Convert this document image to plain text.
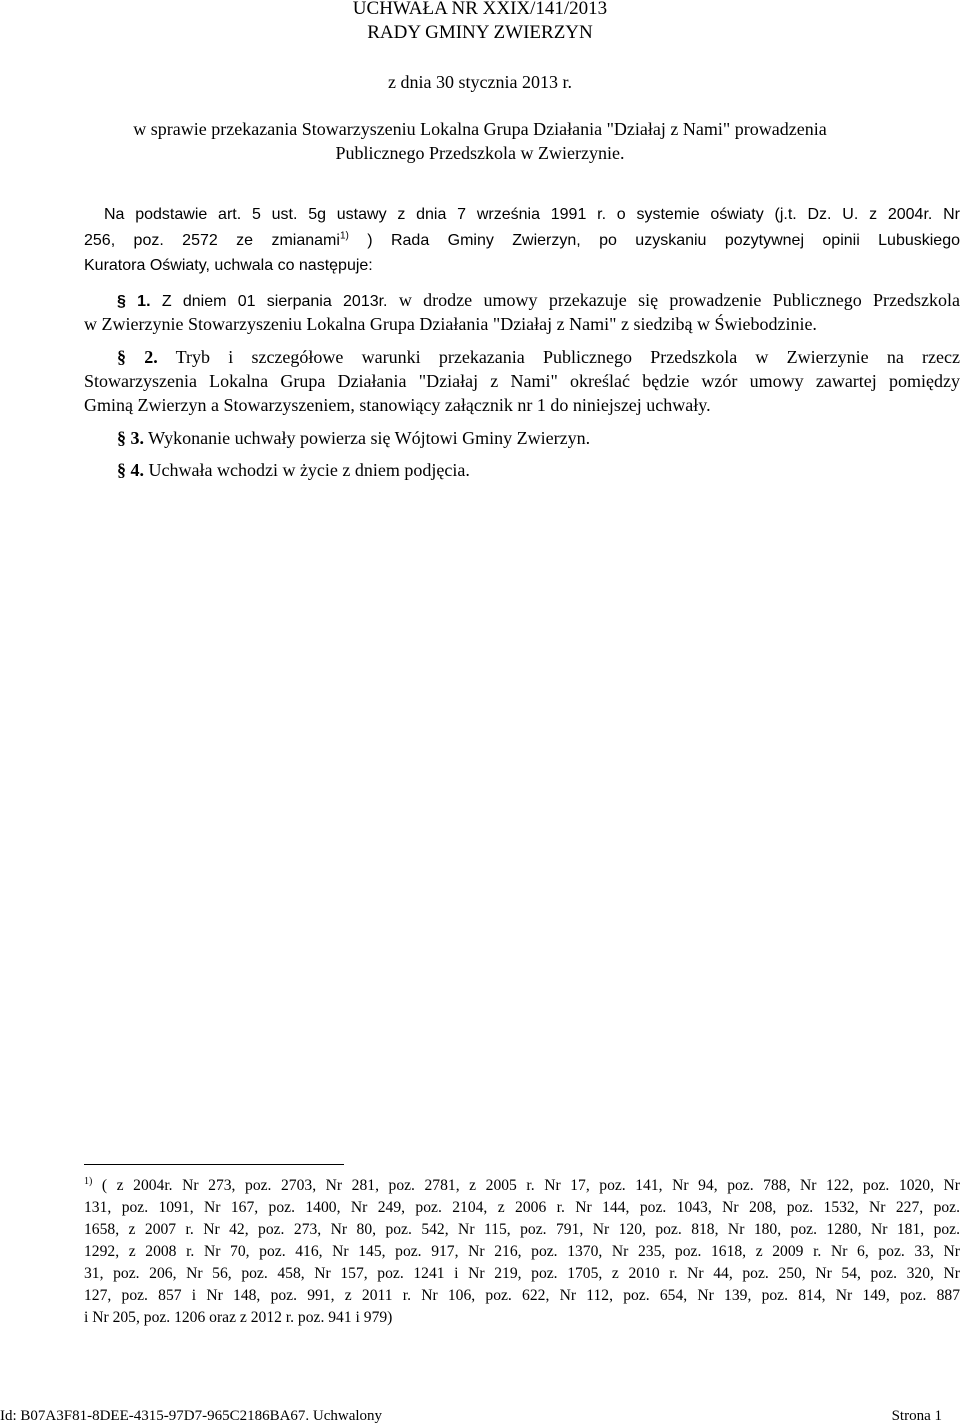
UCHWAŁA NR XXIX/141/2013
RADY GMINY ZWIERZYN
z dnia 30 stycznia 2013 r.
w sprawie przekazania Stowarzyszeniu Lokalna Grupa Działania "Działaj z Nami" prowadzenia
Publicznego Przedszkola w Zwierzynie.
Na podstawie art. 5 ust. 5g ustawy z dnia 7 września 1991 r. o systemie oświaty (j.t. Dz. U. z 2004r. Nr
256, poz. 2572 ze zmianami$^{1)}$ ) Rada Gminy Zwierzyn, po uzyskaniu pozytywnej opinii Lubuskiego
Kuratora Oświaty, uchwala co następuje:
§ 1. Z dniem 01 sierpania 2013r. w drodze umowy przekazuje się prowadzenie Publicznego Przedszkola
w Zwierzynie Stowarzyszeniu Lokalna Grupa Działania "Działaj z Nami" z siedzibą w Świebodzinie.
§ 2. Tryb i szczegółowe warunki przekazania Publicznego Przedszkola w Zwierzynie na rzecz
Stowarzyszenia Lokalna Grupa Działania "Działaj z Nami" określać będzie wzór umowy zawartej pomiędzy
Gminą Zwierzyn a Stowarzyszeniem, stanowiący załącznik nr 1 do niniejszej uchwały.
§ 3. Wykonanie uchwały powierza się Wójtowi Gminy Zwierzyn.
§ 4. Uchwała wchodzi w życie z dniem podjęcia.
$^{1)}$ ( z 2004r. Nr 273, poz. 2703, Nr 281, poz. 2781, z 2005 r. Nr 17, poz. 141, Nr 94, poz. 788, Nr 122, poz. 1020, Nr
131, poz. 1091, Nr 167, poz. 1400, Nr 249, poz. 2104, z 2006 r. Nr 144, poz. 1043, Nr 208, poz. 1532, Nr 227, poz.
1658, z 2007 r. Nr 42, poz. 273, Nr 80, poz. 542, Nr 115, poz. 791, Nr 120, poz. 818, Nr 180, poz. 1280, Nr 181, poz.
1292, z 2008 r. Nr 70, poz. 416, Nr 145, poz. 917, Nr 216, poz. 1370, Nr 235, poz. 1618, z 2009 r. Nr 6, poz. 33, Nr
31, poz. 206, Nr 56, poz. 458, Nr 157, poz. 1241 i Nr 219, poz. 1705, z 2010 r. Nr 44, poz. 250, Nr 54, poz. 320, Nr
127, poz. 857 i Nr 148, poz. 991, z 2011 r. Nr 106, poz. 622, Nr 112, poz. 654, Nr 139, poz. 814, Nr 149, poz. 887
i Nr 205, poz. 1206 oraz z 2012 r. poz. 941 i 979)
Id: B07A3F81-8DEE-4315-97D7-965C2186BA67. Uchwalony	Strona 1
